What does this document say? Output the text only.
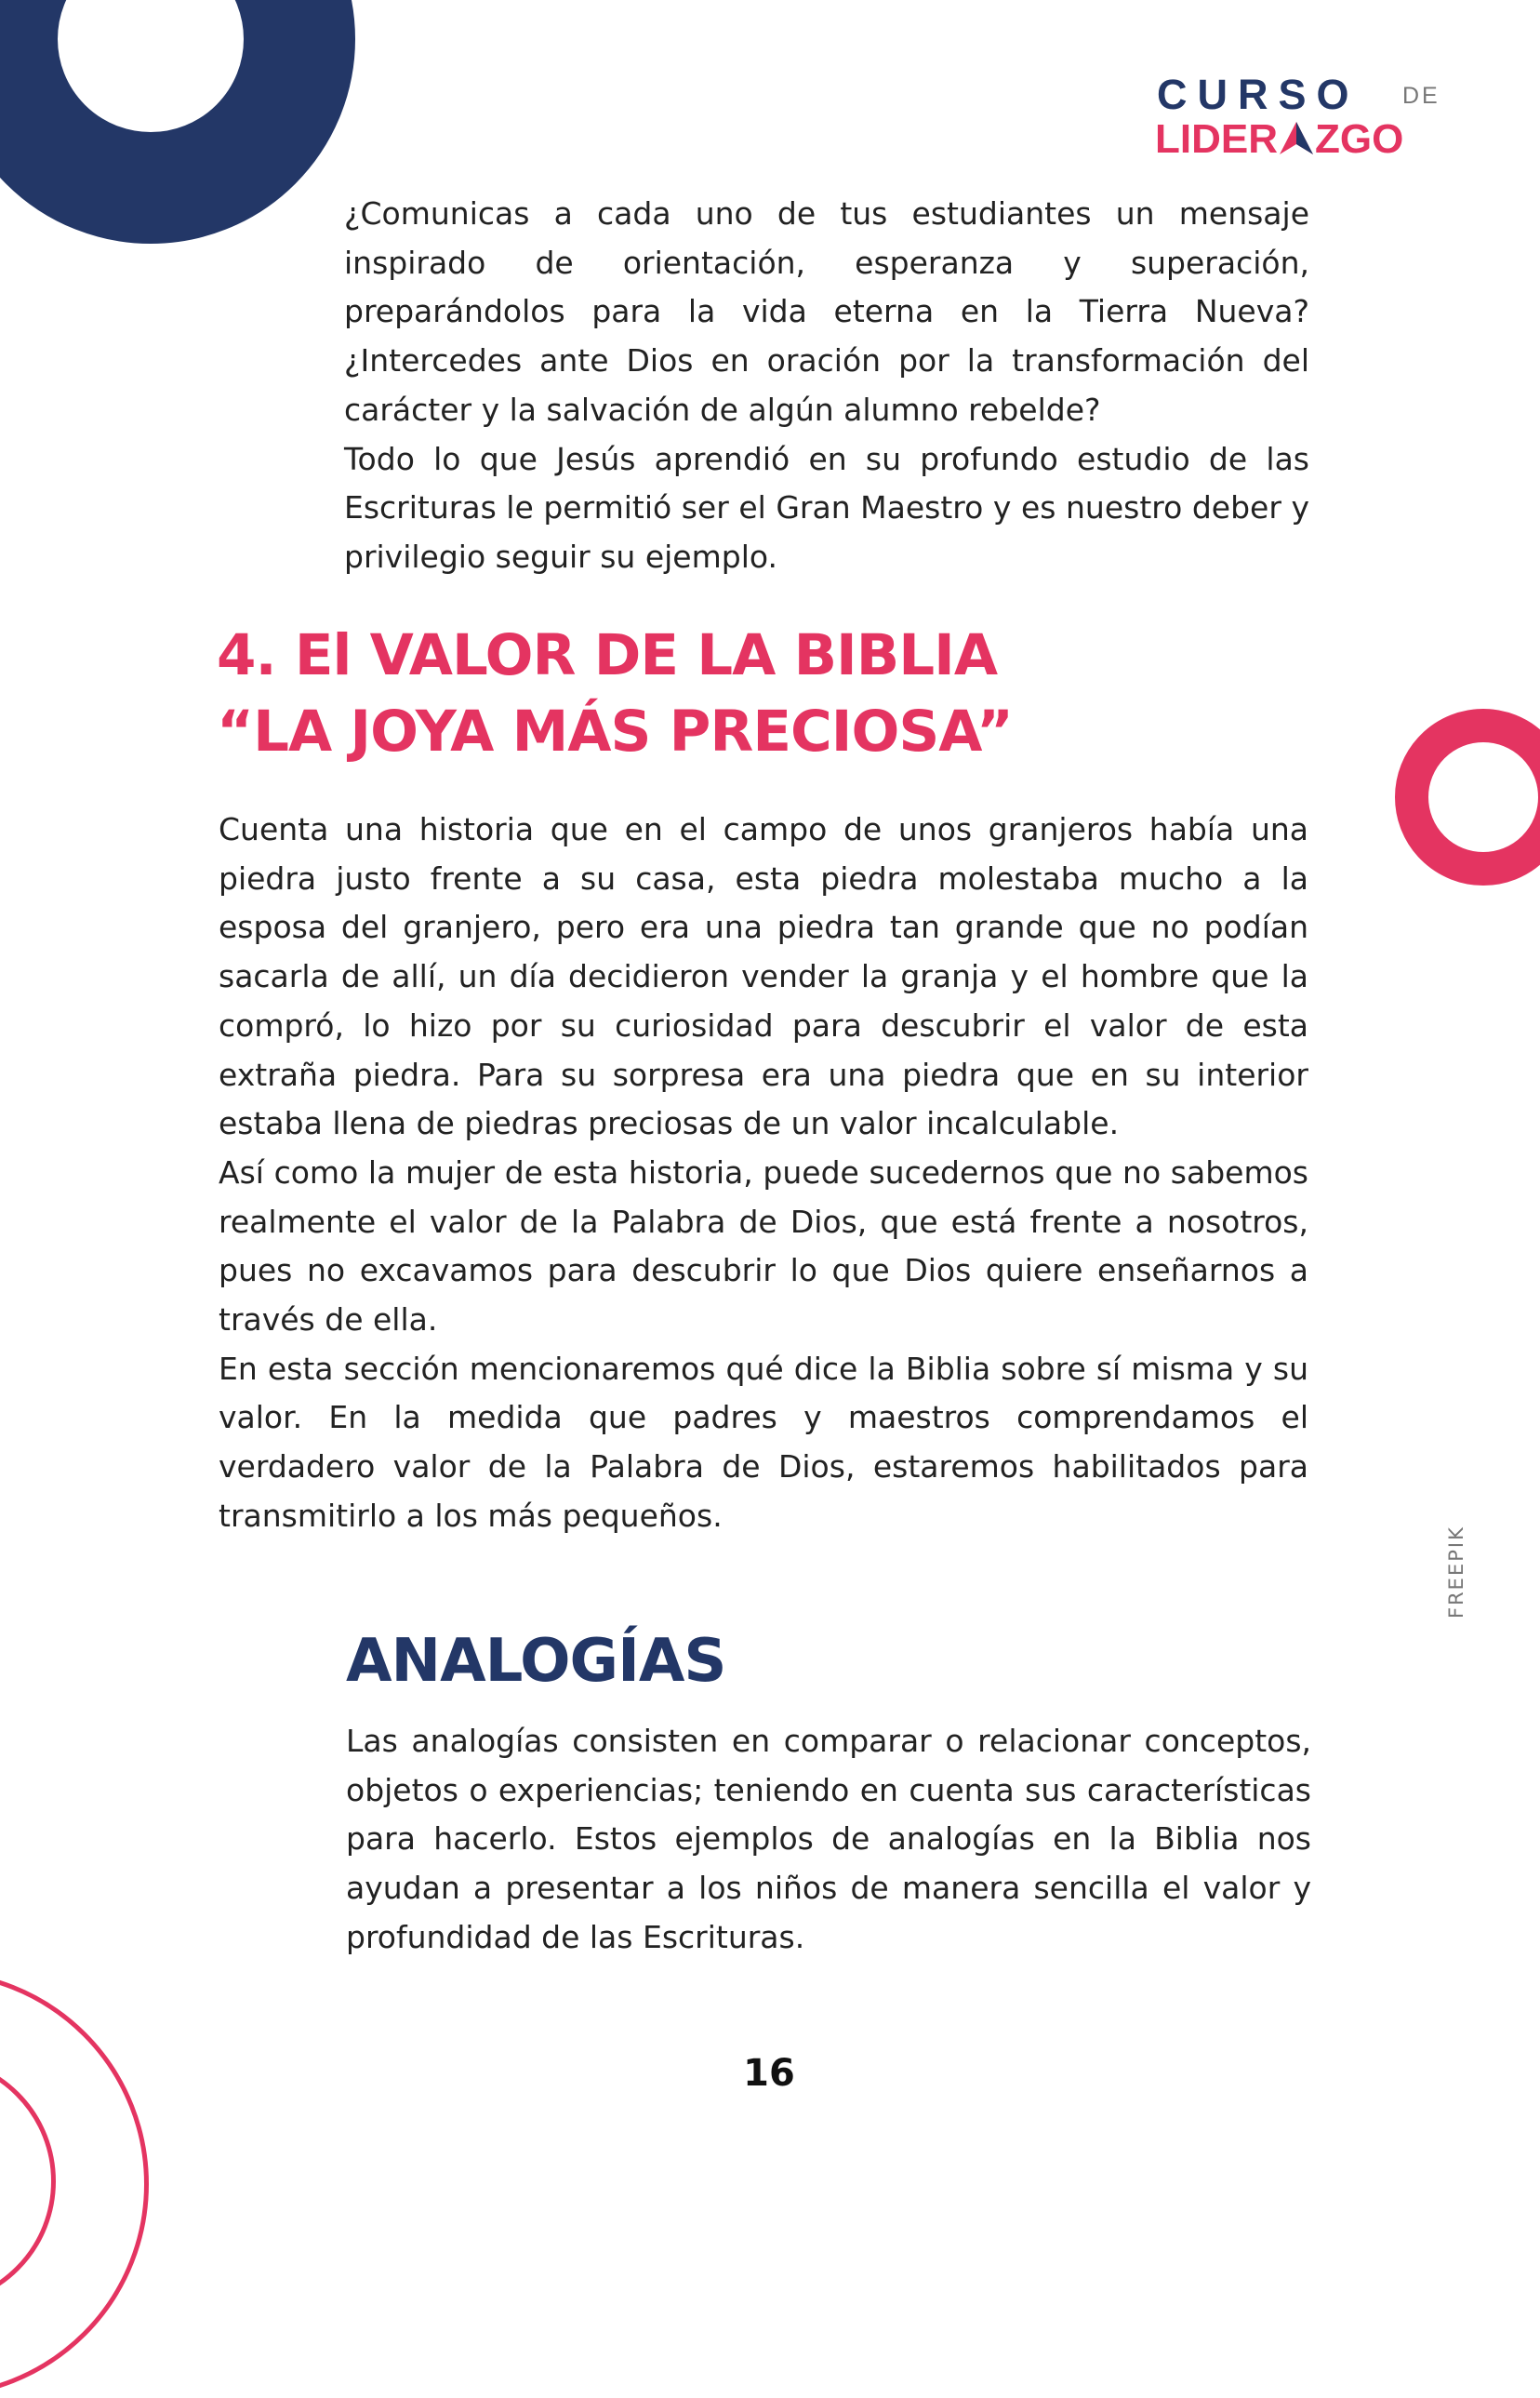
CURSO DE
LIDER ZGO

¿Comunicas a cada uno de tus estudiantes un mensaje inspirado de orientación, esperanza y superación, preparándolos para la vida eterna en la Tierra Nueva? ¿Intercedes ante Dios en oración por la transformación del carácter y la salvación de algún alumno rebelde?
Todo lo que Jesús aprendió en su profundo estudio de las Escrituras le permitió ser el Gran Maestro y es nuestro deber y privilegio seguir su ejemplo.

4. El VALOR DE LA BIBLIA
“LA JOYA MÁS PRECIOSA”
Cuenta una historia que en el campo de unos granjeros había una piedra justo frente a su casa, esta piedra molestaba mucho a la esposa del granjero, pero era una piedra tan grande que no podían sacarla de allí, un día decidieron vender la granja y el hombre que la compró, lo hizo por su curiosidad para descubrir el valor de esta extraña piedra. Para su sorpresa era una piedra que en su interior estaba llena de piedras preciosas de un valor incalculable.
Así como la mujer de esta historia, puede sucedernos que no sabemos realmente el valor de la Palabra de Dios, que está frente a nosotros, pues no excavamos para descubrir lo que Dios quiere enseñarnos a través de ella.
En esta sección mencionaremos qué dice la Biblia sobre sí misma y su valor. En la medida que padres y maestros comprendamos el verdadero valor de la Palabra de Dios, estaremos habilitados para transmitirlo a los más pequeños.
ANALOGÍAS

Las analogías consisten en comparar o relacionar conceptos, objetos o experiencias; teniendo en cuenta sus características para hacerlo. Estos ejemplos de analogías en la Biblia nos ayudan a presentar a los niños de manera sencilla el valor y profundidad de las Escrituras.

16
FREEPIK
